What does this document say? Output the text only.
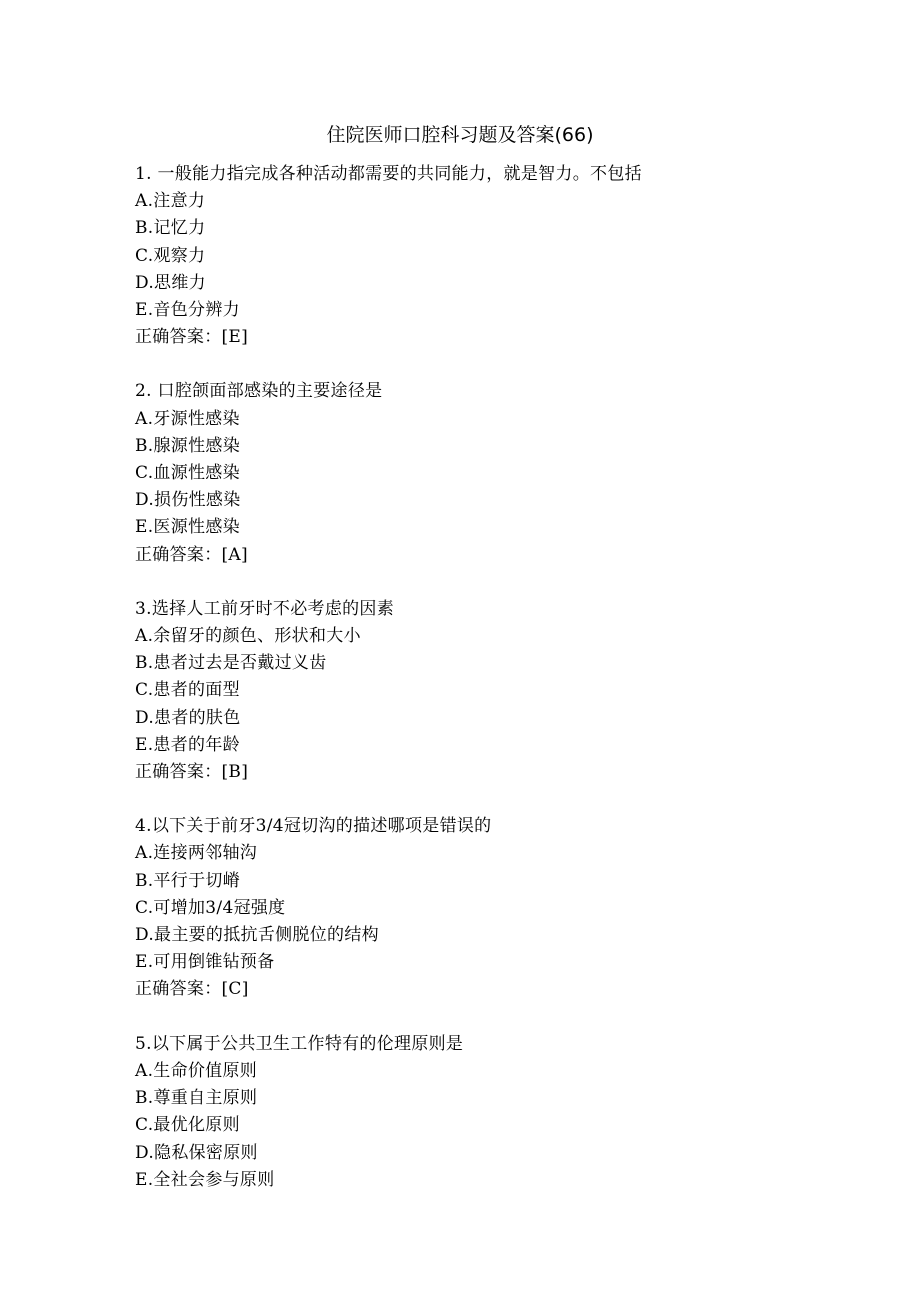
住院医师口腔科习题及答案(66)
1. 一般能力指完成各种活动都需要的共同能力，就是智力。不包括
A.注意力
B.记忆力
C.观察力
D.思维力
E.音色分辨力
正确答案：[E]
2. 口腔颌面部感染的主要途径是
A.牙源性感染
B.腺源性感染
C.血源性感染
D.损伤性感染
E.医源性感染
正确答案：[A]
3.选择人工前牙时不必考虑的因素
A.余留牙的颜色、形状和大小
B.患者过去是否戴过义齿
C.患者的面型
D.患者的肤色
E.患者的年龄
正确答案：[B]
4.以下关于前牙3/4冠切沟的描述哪项是错误的
A.连接两邻轴沟
B.平行于切嵴
C.可增加3/4冠强度
D.最主要的抵抗舌侧脱位的结构
E.可用倒锥钻预备
正确答案：[C]
5.以下属于公共卫生工作特有的伦理原则是
A.生命价值原则
B.尊重自主原则
C.最优化原则
D.隐私保密原则
E.全社会参与原则
